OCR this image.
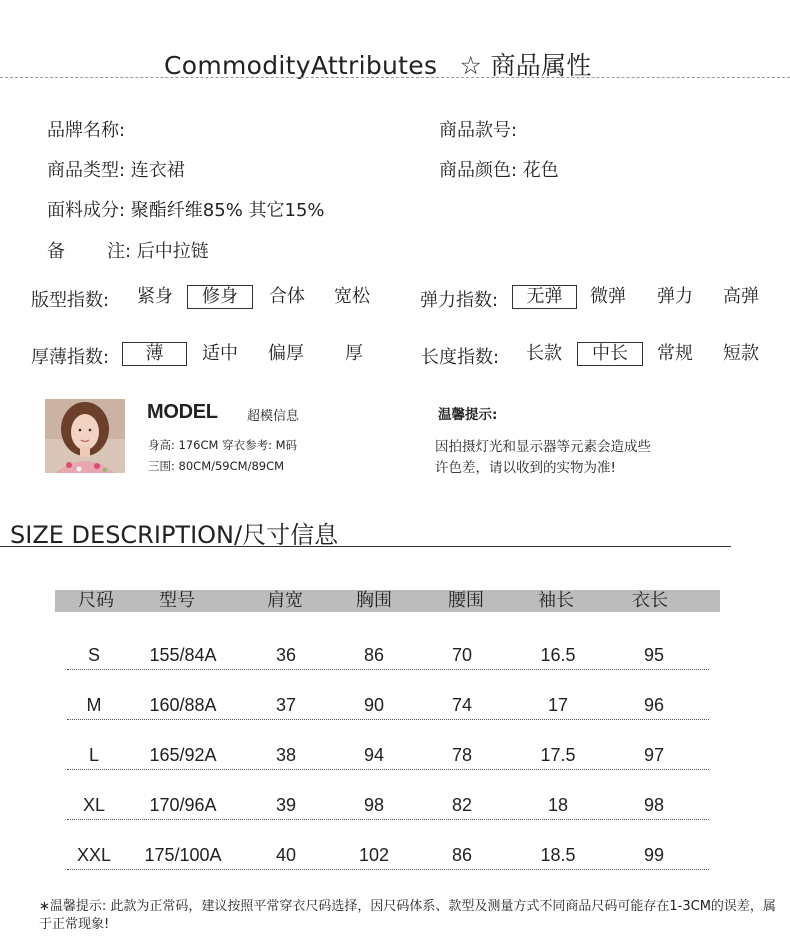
CommodityAttributes ☆ 商品属性
品牌名称:	商品款号:
商品类型: 连衣裙	商品颜色: 花色
面料成分: 聚酯纤维85% 其它15%
备 注: 后中拉链
版型指数: 紧身	修身	合体 宽松	弹力指数:	无弹	微弹 弹力 高弹
厚薄指数:	薄	适中 偏厚 厚	长度指数: 长款	中长	常规 短款
MODEL 超模信息
身高: 176CM 穿衣参考: M码
三围: 80CM/59CM/89CM
温馨提示:
因拍摄灯光和显示器等元素会造成些
许色差，请以收到的实物为准!
SIZE DESCRIPTION/尺寸信息
尺码	型号	肩宽	胸围	腰围	袖长	衣长
S	155/84A	36	86	70	16.5	95
M	160/88A	37	90	74	17	96
L	165/92A	38	94	78	17.5	97
XL 170/96A	39	98	82	18	98
XXL 175/100A	40	102	86	18.5	99
∗温馨提示: 此款为正常码，建议按照平常穿衣尺码选择，因尺码体系、款型及测量方式不同商品尺码可能存在1-3CM的误差，属于正常现象!
